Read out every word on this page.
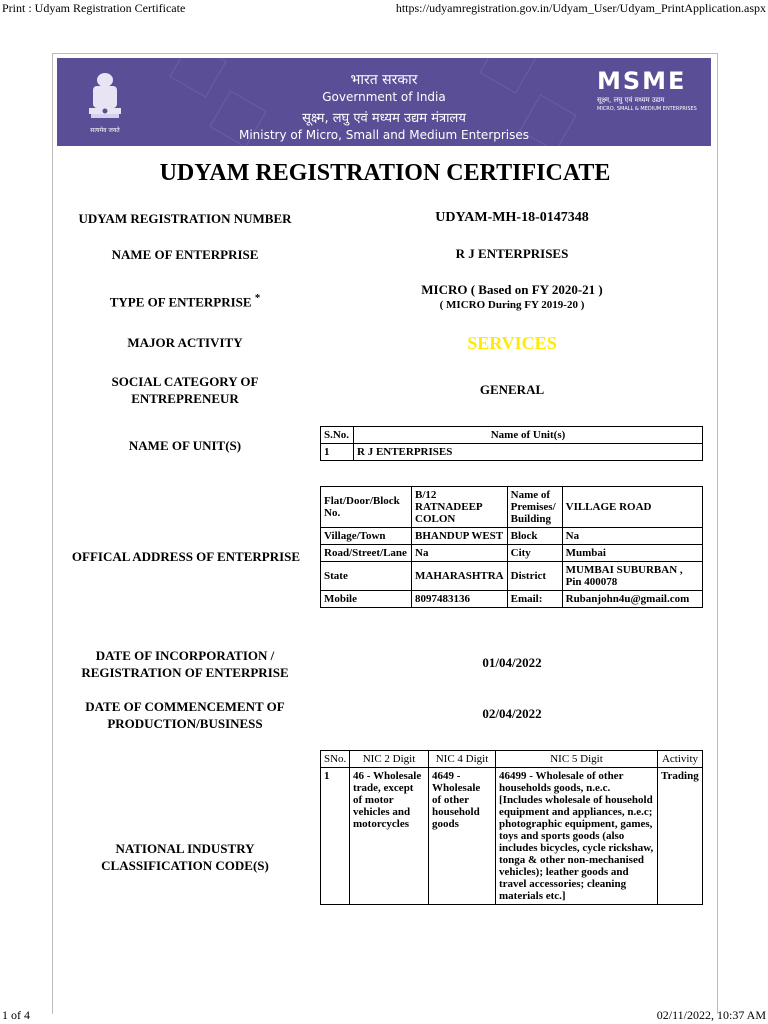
Print : Udyam Registration Certificate	https://udyamregistration.gov.in/Udyam_User/Udyam_PrintApplication.aspx
सत्यमेव जयते
भारत सरकार
Government of India
सूक्ष्म, लघु एवं मध्यम उद्यम मंत्रालय
Ministry of Micro, Small and Medium Enterprises
MSME
सूक्ष्म, लघु एवं मध्यम उद्यम
MICRO, SMALL & MEDIUM ENTERPRISES
UDYAM REGISTRATION CERTIFICATE
UDYAM REGISTRATION NUMBER	UDYAM-MH-18-0147348
NAME OF ENTERPRISE	R J ENTERPRISES
TYPE OF ENTERPRISE *
MICRO ( Based on FY 2020-21 )
( MICRO During FY 2019-20 )
MAJOR ACTIVITY	SERVICES
SOCIAL CATEGORY OF ENTREPRENEUR
GENERAL
NAME OF UNIT(S)
S.No.	Name of Unit(s)
1	R J ENTERPRISES
OFFICAL ADDRESS OF ENTERPRISE
Flat/Door/Block No.	B/12 RATNADEEP COLON	Name of Premises/ Building	VILLAGE ROAD
Village/Town	BHANDUP WEST	Block	Na
Road/Street/Lane	Na	City	Mumbai
State	MAHARASHTRA	District	MUMBAI SUBURBAN , Pin 400078
Mobile	8097483136	Email:	Rubanjohn4u@gmail.com
DATE OF INCORPORATION / REGISTRATION OF ENTERPRISE
01/04/2022
DATE OF COMMENCEMENT OF PRODUCTION/BUSINESS
02/04/2022
NATIONAL INDUSTRY CLASSIFICATION CODE(S)
SNo.	NIC 2 Digit	NIC 4 Digit	NIC 5 Digit	Activity
1	46 - Wholesale trade, except of motor vehicles and motorcycles	4649 - Wholesale of other household goods	46499 - Wholesale of other households goods, n.e.c. [Includes wholesale of household equipment and appliances, n.e.c; photographic equipment, games, toys and sports goods (also includes bicycles, cycle rickshaw, tonga & other non-mechanised vehicles); leather goods and travel accessories; cleaning materials etc.]	Trading
1 of 4	02/11/2022, 10:37 AM
